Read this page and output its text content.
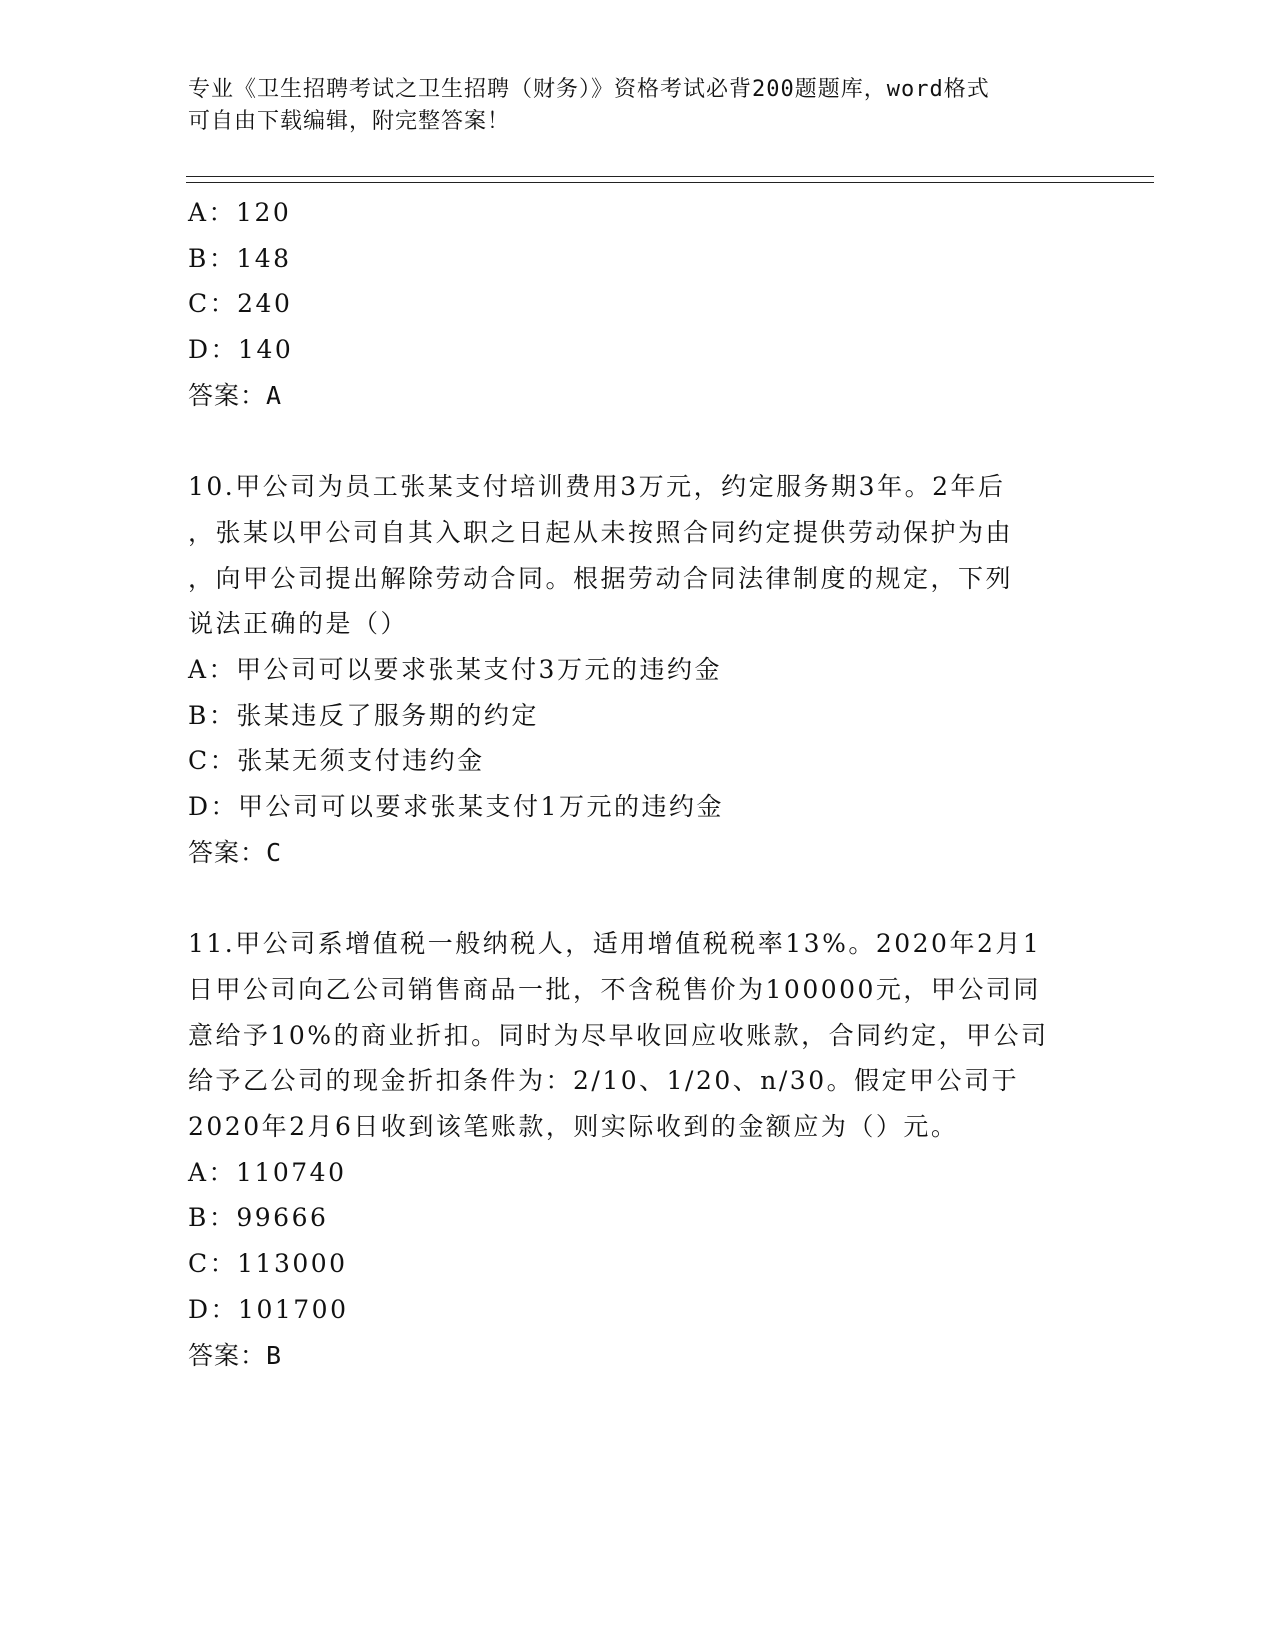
专业《卫生招聘考试之卫生招聘（财务）》资格考试必背200题题库，word格式
可自由下载编辑，附完整答案！
A：120
B：148
C：240
D：140
答案：A
10.甲公司为员工张某支付培训费用3万元，约定服务期3年。2年后
，张某以甲公司自其入职之日起从未按照合同约定提供劳动保护为由
，向甲公司提出解除劳动合同。根据劳动合同法律制度的规定，下列
说法正确的是（）
A：甲公司可以要求张某支付3万元的违约金
B：张某违反了服务期的约定
C：张某无须支付违约金
D：甲公司可以要求张某支付1万元的违约金
答案：C
11.甲公司系增值税一般纳税人，适用增值税税率13%。2020年2月1
日甲公司向乙公司销售商品一批，不含税售价为100000元，甲公司同
意给予10%的商业折扣。同时为尽早收回应收账款，合同约定，甲公司
给予乙公司的现金折扣条件为：2/10、1/20、n/30。假定甲公司于
2020年2月6日收到该笔账款，则实际收到的金额应为（）元。
A：110740
B：99666
C：113000
D：101700
答案：B
